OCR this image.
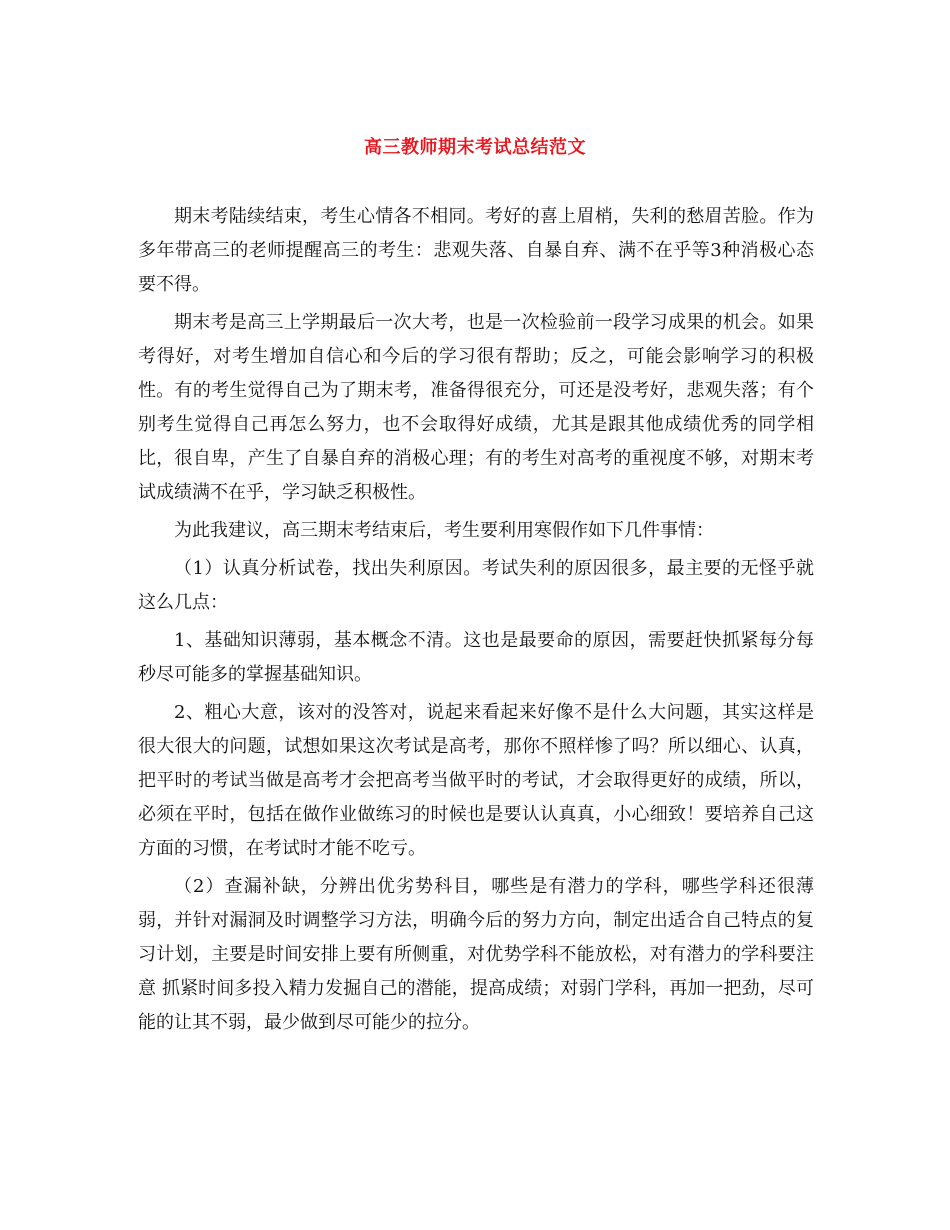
高三教师期末考试总结范文

期末考陆续结束，考生心情各不相同。考好的喜上眉梢，失利的愁眉苦脸。作为多年带高三的老师提醒高三的考生：悲观失落、自暴自弃、满不在乎等3种消极心态要不得。

期末考是高三上学期最后一次大考，也是一次检验前一段学习成果的机会。如果考得好，对考生增加自信心和今后的学习很有帮助；反之，可能会影响学习的积极性。有的考生觉得自己为了期末考，准备得很充分，可还是没考好，悲观失落；有个别考生觉得自己再怎么努力，也不会取得好成绩，尤其是跟其他成绩优秀的同学相比，很自卑，产生了自暴自弃的消极心理；有的考生对高考的重视度不够，对期末考试成绩满不在乎，学习缺乏积极性。

为此我建议，高三期末考结束后，考生要利用寒假作如下几件事情：

（1）认真分析试卷，找出失利原因。考试失利的原因很多，最主要的无怪乎就这么几点：

1、基础知识薄弱，基本概念不清。这也是最要命的原因，需要赶快抓紧每分每秒尽可能多的掌握基础知识。

2、粗心大意，该对的没答对，说起来看起来好像不是什么大问题，其实这样是很大很大的问题，试想如果这次考试是高考，那你不照样惨了吗？所以细心、认真，把平时的考试当做是高考才会把高考当做平时的考试，才会取得更好的成绩，所以，必须在平时，包括在做作业做练习的时候也是要认认真真，小心细致！要培养自己这方面的习惯，在考试时才能不吃亏。

（2）查漏补缺，分辨出优劣势科目，哪些是有潜力的学科，哪些学科还很薄弱，并针对漏洞及时调整学习方法，明确今后的努力方向，制定出适合自己特点的复习计划，主要是时间安排上要有所侧重，对优势学科不能放松，对有潜力的学科要注意 抓紧时间多投入精力发掘自己的潜能，提高成绩；对弱门学科，再加一把劲，尽可能的让其不弱，最少做到尽可能少的拉分。
